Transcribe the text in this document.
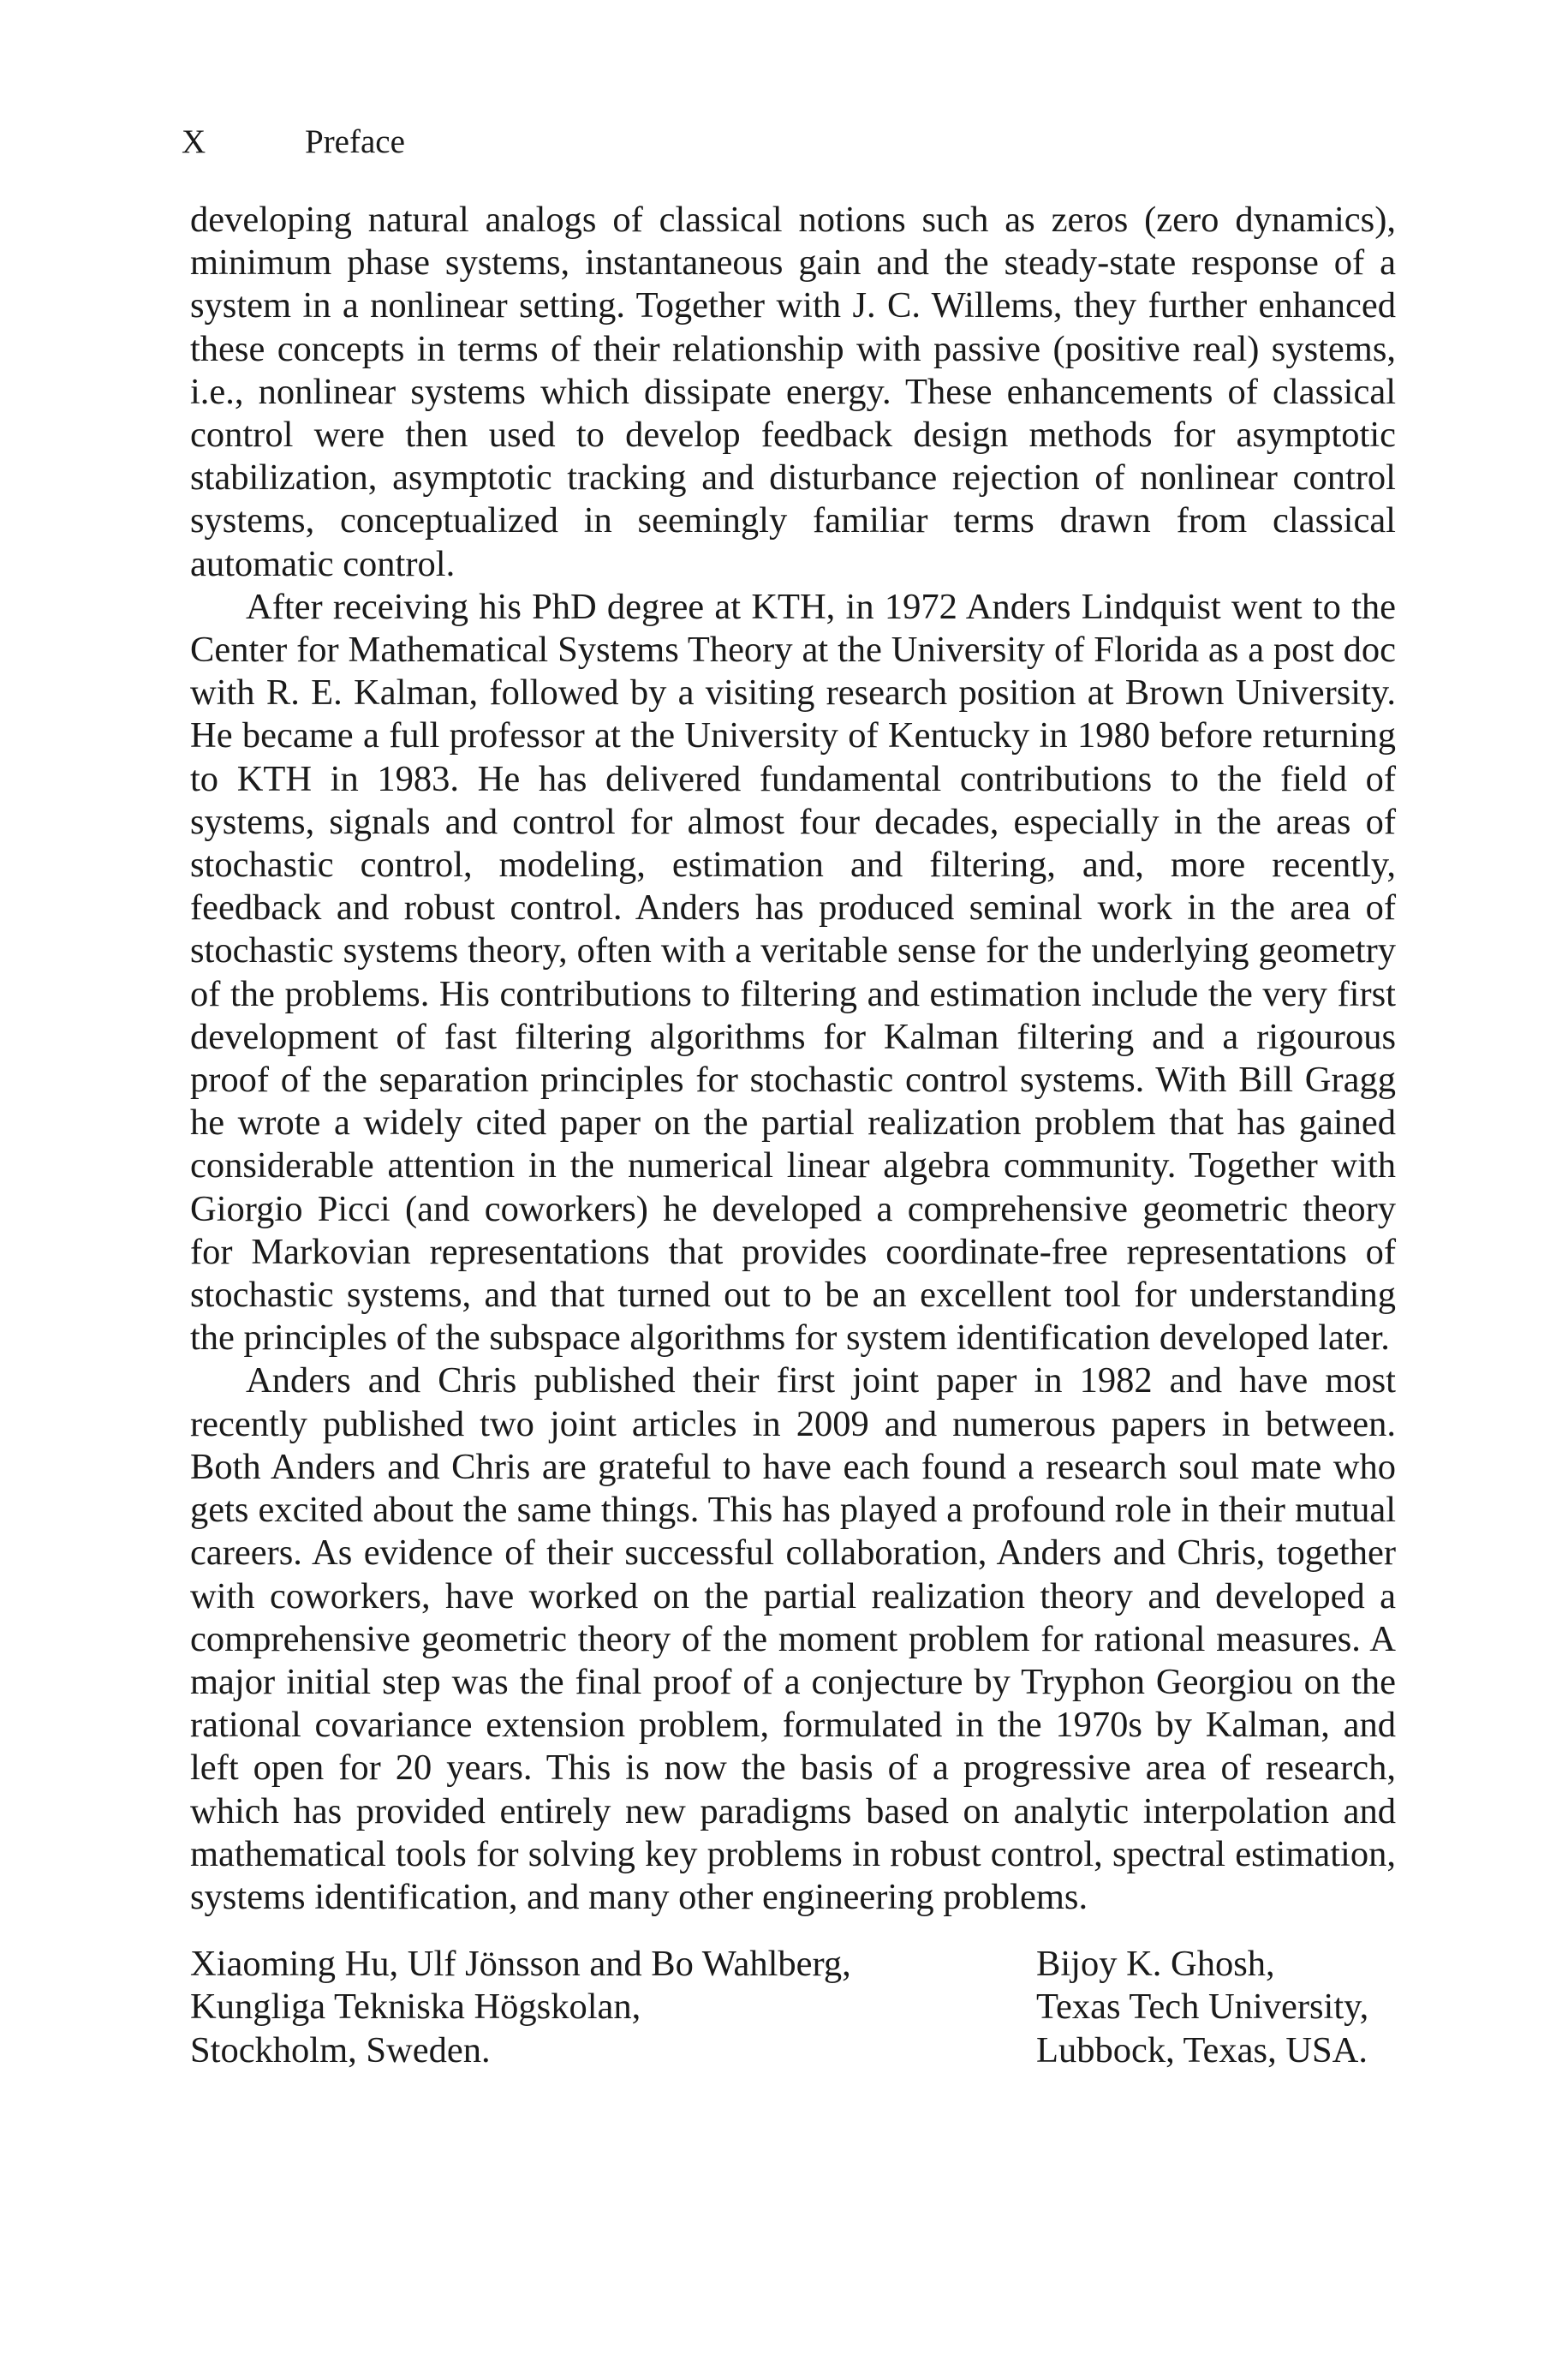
X	Preface

developing natural analogs of classical notions such as zeros (zero dynamics), minimum phase systems, instantaneous gain and the steady-state response of a system in a nonlinear setting. Together with J. C. Willems, they further enhanced these concepts in terms of their relationship with passive (positive real) systems, i.e., nonlinear systems which dissipate energy. These enhancements of classical control were then used to develop feedback design methods for asymptotic stabilization, asymptotic tracking and disturbance rejection of nonlinear control systems, conceptualized in seemingly familiar terms drawn from classical automatic control.

After receiving his PhD degree at KTH, in 1972 Anders Lindquist went to the Center for Mathematical Systems Theory at the University of Florida as a post doc with R. E. Kalman, followed by a visiting research position at Brown University. He became a full professor at the University of Kentucky in 1980 before returning to KTH in 1983. He has delivered fundamental contributions to the field of systems, signals and control for almost four decades, especially in the areas of stochastic control, modeling, estimation and filtering, and, more recently, feedback and robust control. Anders has produced seminal work in the area of stochastic systems theory, often with a veritable sense for the underlying geometry of the problems. His contributions to filtering and estimation include the very first development of fast filtering algorithms for Kalman filtering and a rigourous proof of the separation principles for stochastic control systems. With Bill Gragg he wrote a widely cited paper on the partial realization problem that has gained considerable attention in the numerical linear algebra community. Together with Giorgio Picci (and coworkers) he developed a comprehensive geometric theory for Markovian representations that provides coordinate-free representations of stochastic systems, and that turned out to be an excellent tool for understanding the principles of the subspace algorithms for system identification developed later.

Anders and Chris published their first joint paper in 1982 and have most recently published two joint articles in 2009 and numerous papers in between. Both Anders and Chris are grateful to have each found a research soul mate who gets excited about the same things. This has played a profound role in their mutual careers. As evidence of their successful collaboration, Anders and Chris, together with coworkers, have worked on the partial realization theory and developed a comprehensive geometric theory of the moment problem for rational measures. A major initial step was the final proof of a conjecture by Tryphon Georgiou on the rational covariance extension problem, formulated in the 1970s by Kalman, and left open for 20 years. This is now the basis of a progressive area of research, which has provided entirely new paradigms based on analytic interpolation and mathematical tools for solving key problems in robust control, spectral estimation, systems identification, and many other engineering problems.

Xiaoming Hu, Ulf Jönsson and Bo Wahlberg,
Kungliga Tekniska Högskolan,
Stockholm, Sweden.
Bijoy K. Ghosh,
Texas Tech University,
Lubbock, Texas, USA.
